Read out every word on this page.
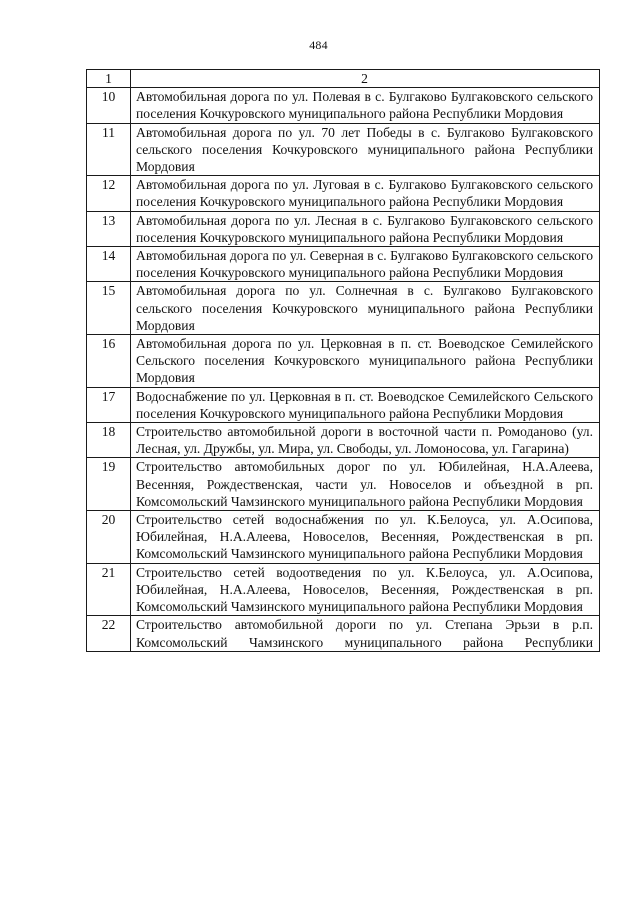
484
1	2
10	Автомобильная дорога по ул. Полевая в с. Булгаково Булгаковского сельского поселения Кочкуровского муниципального района Республики Мордовия
11	Автомобильная дорога по ул. 70 лет Победы в с. Булгаково Булгаковского сельского поселения Кочкуровского муниципального района Республики Мордовия
12	Автомобильная дорога по ул. Луговая в с. Булгаково Булгаковского сельского поселения Кочкуровского муниципального района Республики Мордовия
13	Автомобильная дорога по ул. Лесная в с. Булгаково Булгаковского сельского поселения Кочкуровского муниципального района Республики Мордовия
14	Автомобильная дорога по ул. Северная в с. Булгаково Булгаковского сельского поселения Кочкуровского муниципального района Республики Мордовия
15	Автомобильная дорога по ул. Солнечная в с. Булгаково Булгаковского сельского поселения Кочкуровского муниципального района Республики Мордовия
16	Автомобильная дорога по ул. Церковная в п. ст. Воеводское Семилейского Сельского поселения Кочкуровского муниципального района Республики Мордовия
17	Водоснабжение по ул. Церковная в п. ст. Воеводское Семилейского Сельского поселения Кочкуровского муниципального района Республики Мордовия
18	Строительство автомобильной дороги в восточной части п. Ромоданово (ул. Лесная, ул. Дружбы, ул. Мира, ул. Свободы, ул. Ломоносова, ул. Гагарина)
19	Строительство автомобильных дорог по ул. Юбилейная, Н.А.Алеева, Весенняя, Рождественская, части ул. Новоселов и объездной в рп. Комсомольский Чамзинского муниципального района Республики Мордовия
20	Строительство сетей водоснабжения по ул. К.Белоуса, ул. А.Осипова, Юбилейная, Н.А.Алеева, Новоселов, Весенняя, Рождественская в рп. Комсомольский Чамзинского муниципального района Республики Мордовия
21	Строительство сетей водоотведения по ул. К.Белоуса, ул. А.Осипова, Юбилейная, Н.А.Алеева, Новоселов, Весенняя, Рождественская в рп. Комсомольский Чамзинского муниципального района Республики Мордовия
22	Строительство автомобильной дороги по ул. Степана Эрьзи в р.п. Комсомольский Чамзинского муниципального района Республики
